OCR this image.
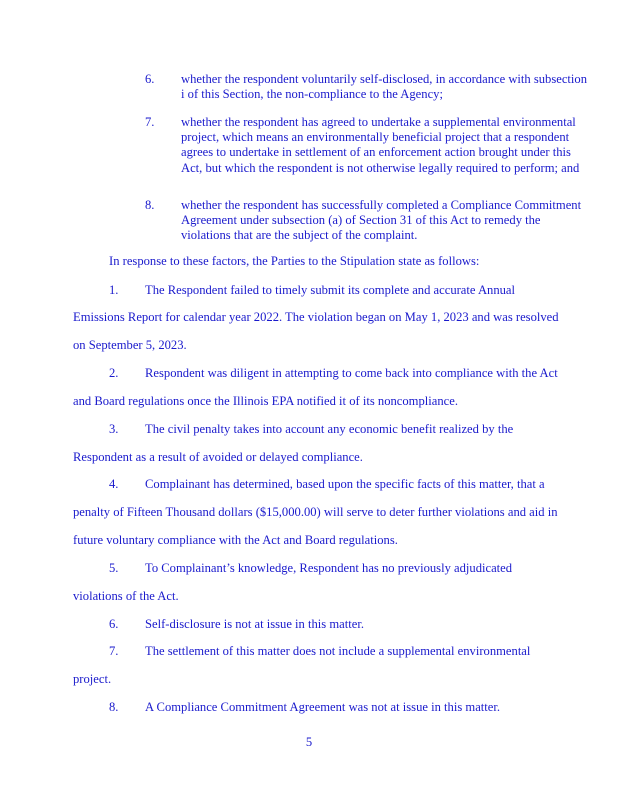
6. whether the respondent voluntarily self-disclosed, in accordance with subsection i of this Section, the non-compliance to the Agency;
7. whether the respondent has agreed to undertake a supplemental environmental project, which means an environmentally beneficial project that a respondent agrees to undertake in settlement of an enforcement action brought under this Act, but which the respondent is not otherwise legally required to perform; and
8. whether the respondent has successfully completed a Compliance Commitment Agreement under subsection (a) of Section 31 of this Act to remedy the violations that are the subject of the complaint.
In response to these factors, the Parties to the Stipulation state as follows:
1. The Respondent failed to timely submit its complete and accurate Annual
Emissions Report for calendar year 2022. The violation began on May 1, 2023 and was resolved
on September 5, 2023.
2. Respondent was diligent in attempting to come back into compliance with the Act
and Board regulations once the Illinois EPA notified it of its noncompliance.
3. The civil penalty takes into account any economic benefit realized by the
Respondent as a result of avoided or delayed compliance.
4. Complainant has determined, based upon the specific facts of this matter, that a
penalty of Fifteen Thousand dollars ($15,000.00) will serve to deter further violations and aid in
future voluntary compliance with the Act and Board regulations.
5. To Complainant’s knowledge, Respondent has no previously adjudicated
violations of the Act.
6. Self-disclosure is not at issue in this matter.
7. The settlement of this matter does not include a supplemental environmental
project.
8. A Compliance Commitment Agreement was not at issue in this matter.
5
